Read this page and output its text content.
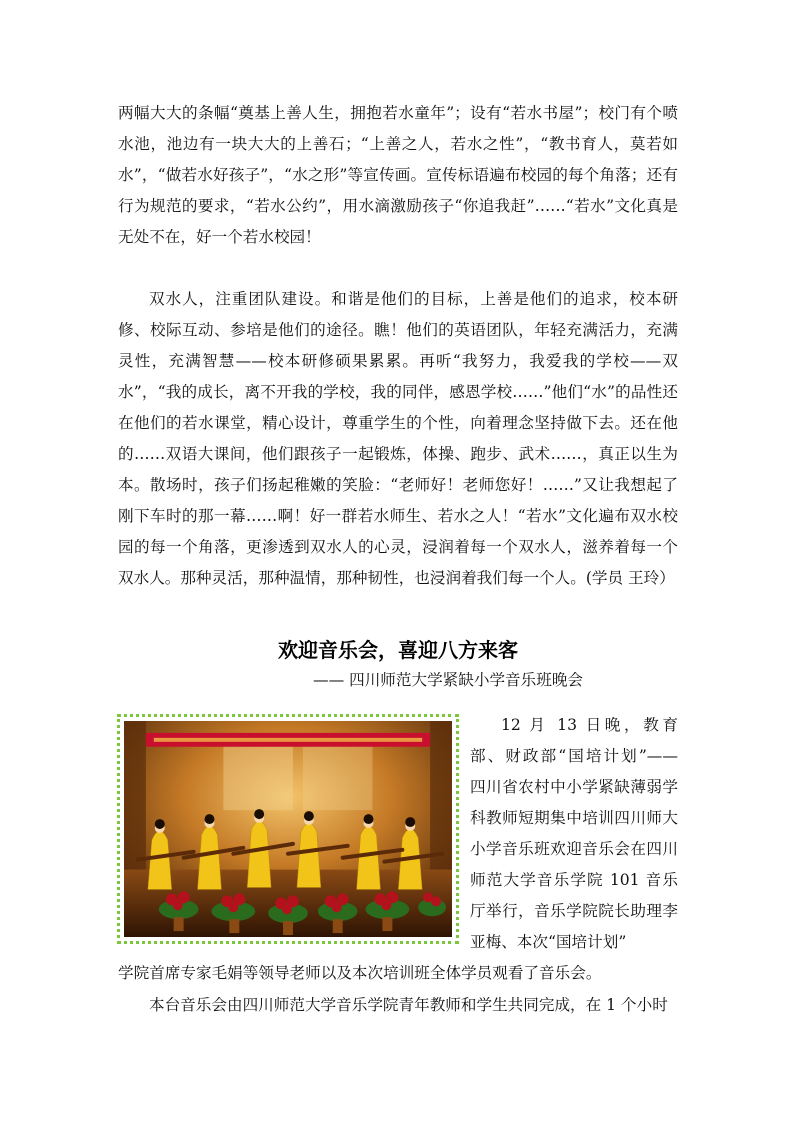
两幅大大的条幅“奠基上善人生，拥抱若水童年”；设有“若水书屋”；校门有个喷水池，池边有一块大大的上善石；“上善之人，若水之性”，“教书育人，莫若如水”，“做若水好孩子”，“水之形”等宣传画。宣传标语遍布校园的每个角落；还有行为规范的要求，“若水公约”，用水滴激励孩子“你追我赶”……“若水”文化真是无处不在，好一个若水校园！

双水人，注重团队建设。和谐是他们的目标，上善是他们的追求，校本研修、校际互动、参培是他们的途径。瞧！他们的英语团队，年轻充满活力，充满灵性，充满智慧——校本研修硕果累累。再听“我努力，我爱我的学校——双水”，“我的成长，离不开我的学校，我的同伴，感恩学校……”他们“水”的品性还在他们的若水课堂，精心设计，尊重学生的个性，向着理念坚持做下去。还在他的……双语大课间，他们跟孩子一起锻炼，体操、跑步、武术……，真正以生为本。散场时，孩子们扬起稚嫩的笑脸：“老师好！老师您好！……”又让我想起了刚下车时的那一幕……啊！好一群若水师生、若水之人！“若水”文化遍布双水校园的每一个角落，更渗透到双水人的心灵，浸润着每一个双水人，滋养着每一个双水人。那种灵活，那种温情，那种韧性，也浸润着我们每一个人。(学员 王玲）

欢迎音乐会，喜迎八方来客
—— 四川师范大学紧缺小学音乐班晚会

12 月 13 日晚，教育部、财政部“国培计划”—— 四川省农村中小学紧缺薄弱学科教师短期集中培训四川师大小学音乐班欢迎音乐会在四川师范大学音乐学院 101 音乐厅举行，音乐学院院长助理李亚梅、本次“国培计划”

学院首席专家毛娟等领导老师以及本次培训班全体学员观看了音乐会。

本台音乐会由四川师范大学音乐学院青年教师和学生共同完成，在 1 个小时
